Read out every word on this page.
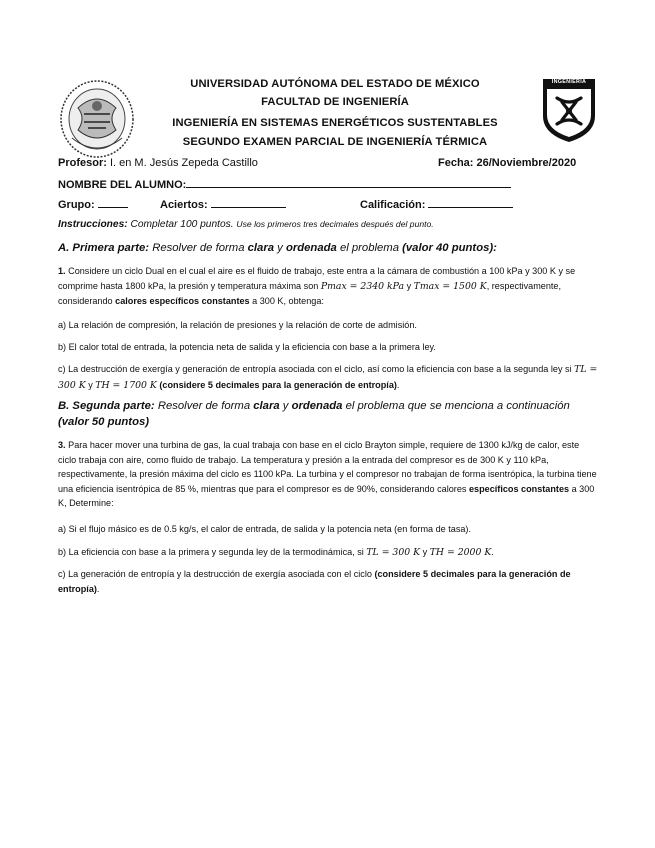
INGENIERIA
UNIVERSIDAD AUTÓNOMA DEL ESTADO DE MÉXICO
FACULTAD DE INGENIERÍA
INGENIERÍA EN SISTEMAS ENERGÉTICOS SUSTENTABLES
SEGUNDO EXAMEN PARCIAL DE INGENIERÍA TÉRMICA
Profesor: I. en M. Jesús Zepeda Castillo	Fecha: 26/Noviembre/2020
NOMBRE DEL ALUMNO:
Grupo:	Aciertos:	Calificación:
Instrucciones: Completar 100 puntos. Use los primeros tres decimales después del punto.
A. Primera parte: Resolver de forma clara y ordenada el problema (valor 40 puntos):
1. Considere un ciclo Dual en el cual el aire es el fluido de trabajo, este entra a la cámara de combustión a 100 kPa y 300 K y se comprime hasta 1800 kPa, la presión y temperatura máxima son Pmax = 2340 kPa y Tmax = 1500 K, respectivamente, considerando calores específicos constantes a 300 K, obtenga:
a) La relación de compresión, la relación de presiones y la relación de corte de admisión.
b) El calor total de entrada, la potencia neta de salida y la eficiencia con base a la primera ley.
c) La destrucción de exergía y generación de entropía asociada con el ciclo, así como la eficiencia con base a la segunda ley si TL = 300 K y TH = 1700 K (considere 5 decimales para la generación de entropía).
B. Segunda parte: Resolver de forma clara y ordenada el problema que se menciona a continuación (valor 50 puntos)
3. Para hacer mover una turbina de gas, la cual trabaja con base en el ciclo Brayton simple, requiere de 1300 kJ/kg de calor, este ciclo trabaja con aire, como fluido de trabajo. La temperatura y presión a la entrada del compresor es de 300 K y 110 kPa, respectivamente, la presión máxima del ciclo es 1100 kPa. La turbina y el compresor no trabajan de forma isentrópica, la turbina tiene una eficiencia isentrópica de 85 %, mientras que para el compresor es de 90%, considerando calores específicos constantes a 300 K, Determine:
a) Si el flujo másico es de 0.5 kg/s, el calor de entrada, de salida y la potencia neta (en forma de tasa).
b) La eficiencia con base a la primera y segunda ley de la termodinámica, si TL = 300 K y TH = 2000 K.
c) La generación de entropía y la destrucción de exergía asociada con el ciclo (considere 5 decimales para la generación de entropía).
